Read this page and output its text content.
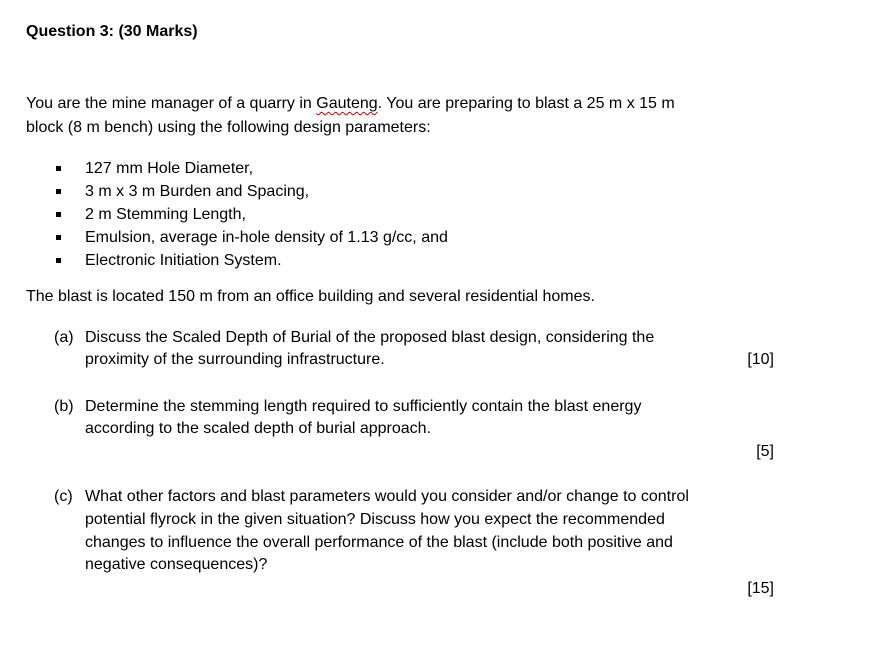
Question 3: (30 Marks)
You are the mine manager of a quarry in Gauteng. You are preparing to blast a 25 m x 15 m
block (8 m bench) using the following design parameters:
127 mm Hole Diameter,
3 m x 3 m Burden and Spacing,
2 m Stemming Length,
Emulsion, average in-hole density of 1.13 g/cc, and
Electronic Initiation System.
The blast is located 150 m from an office building and several residential homes.
(a) Discuss the Scaled Depth of Burial of the proposed blast design, considering the
proximity of the surrounding infrastructure.	[10]
(b) Determine the stemming length required to sufficiently contain the blast energy
according to the scaled depth of burial approach.
[5]
(c) What other factors and blast parameters would you consider and/or change to control
potential flyrock in the given situation? Discuss how you expect the recommended
changes to influence the overall performance of the blast (include both positive and
negative consequences)?
[15]
